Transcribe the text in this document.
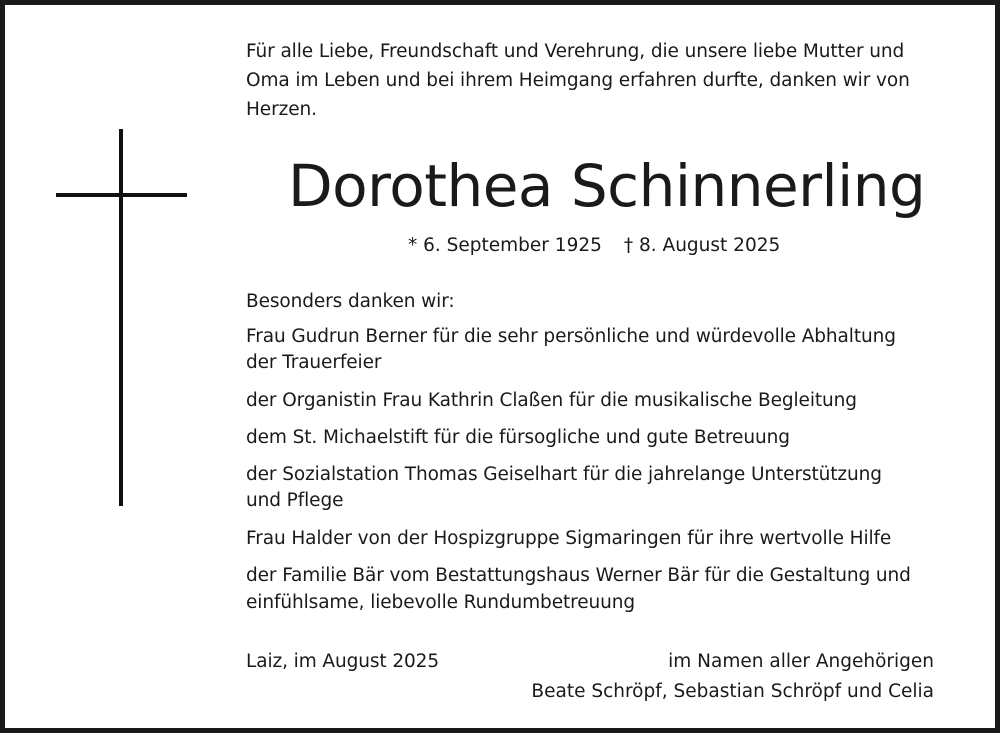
Für alle Liebe, Freundschaft und Verehrung, die unsere liebe Mutter und
Oma im Leben und bei ihrem Heimgang erfahren durfte, danken wir von
Herzen.
Dorothea Schinnerling
* 6. September 1925 † 8. August 2025
Besonders danken wir:
Frau Gudrun Berner für die sehr persönliche und würdevolle Abhaltung
der Trauerfeier
der Organistin Frau Kathrin Claßen für die musikalische Begleitung
dem St. Michaelstift für die fürsogliche und gute Betreuung
der Sozialstation Thomas Geiselhart für die jahrelange Unterstützung
und Pflege
Frau Halder von der Hospizgruppe Sigmaringen für ihre wertvolle Hilfe
der Familie Bär vom Bestattungshaus Werner Bär für die Gestaltung und
einfühlsame, liebevolle Rundumbetreuung
Laiz, im August 2025	im Namen aller Angehörigen
Beate Schröpf, Sebastian Schröpf und Celia
